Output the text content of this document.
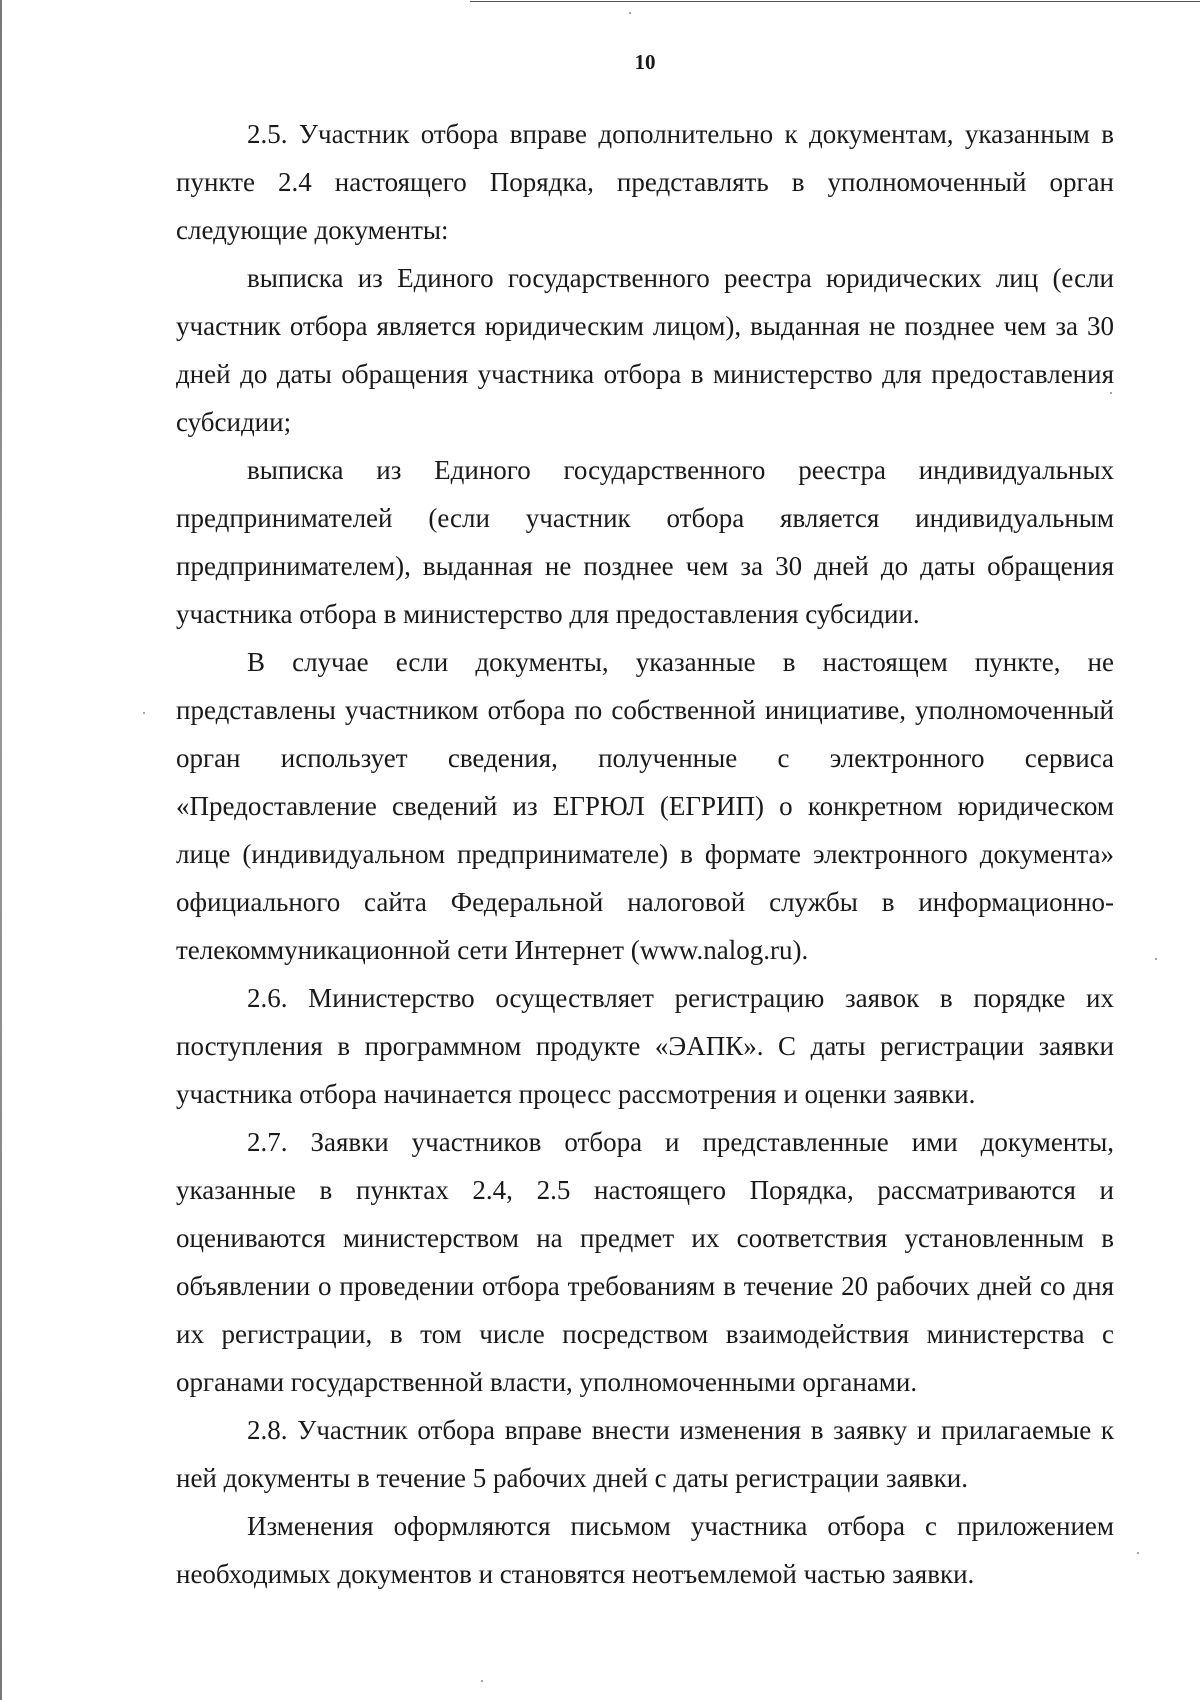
10

2.5. Участник отбора вправе дополнительно к документам, указанным в пункте 2.4 настоящего Порядка, представлять в уполномоченный орган следующие документы:

выписка из Единого государственного реестра юридических лиц (если участник отбора является юридическим лицом), выданная не позднее чем за 30 дней до даты обращения участника отбора в министерство для предоставления субсидии;

выписка из Единого государственного реестра индивидуальных предпринимателей (если участник отбора является индивидуальным предпринимателем), выданная не позднее чем за 30 дней до даты обращения участника отбора в министерство для предоставления субсидии.

В случае если документы, указанные в настоящем пункте, не представлены участником отбора по собственной инициативе, уполномоченный орган использует сведения, полученные с электронного сервиса «Предоставление сведений из ЕГРЮЛ (ЕГРИП) о конкретном юридическом лице (индивидуальном предпринимателе) в формате электронного документа» официального сайта Федеральной налоговой службы в информационно-телекоммуникационной сети Интернет (www.nalog.ru).

2.6. Министерство осуществляет регистрацию заявок в порядке их поступления в программном продукте «ЭАПК». С даты регистрации заявки участника отбора начинается процесс рассмотрения и оценки заявки.

2.7. Заявки участников отбора и представленные ими документы, указанные в пунктах 2.4, 2.5 настоящего Порядка, рассматриваются и оцениваются министерством на предмет их соответствия установленным в объявлении о проведении отбора требованиям в течение 20 рабочих дней со дня их регистрации, в том числе посредством взаимодействия министерства с органами государственной власти, уполномоченными органами.

2.8. Участник отбора вправе внести изменения в заявку и прилагаемые к ней документы в течение 5 рабочих дней с даты регистрации заявки.

Изменения оформляются письмом участника отбора с приложением необходимых документов и становятся неотъемлемой частью заявки.
